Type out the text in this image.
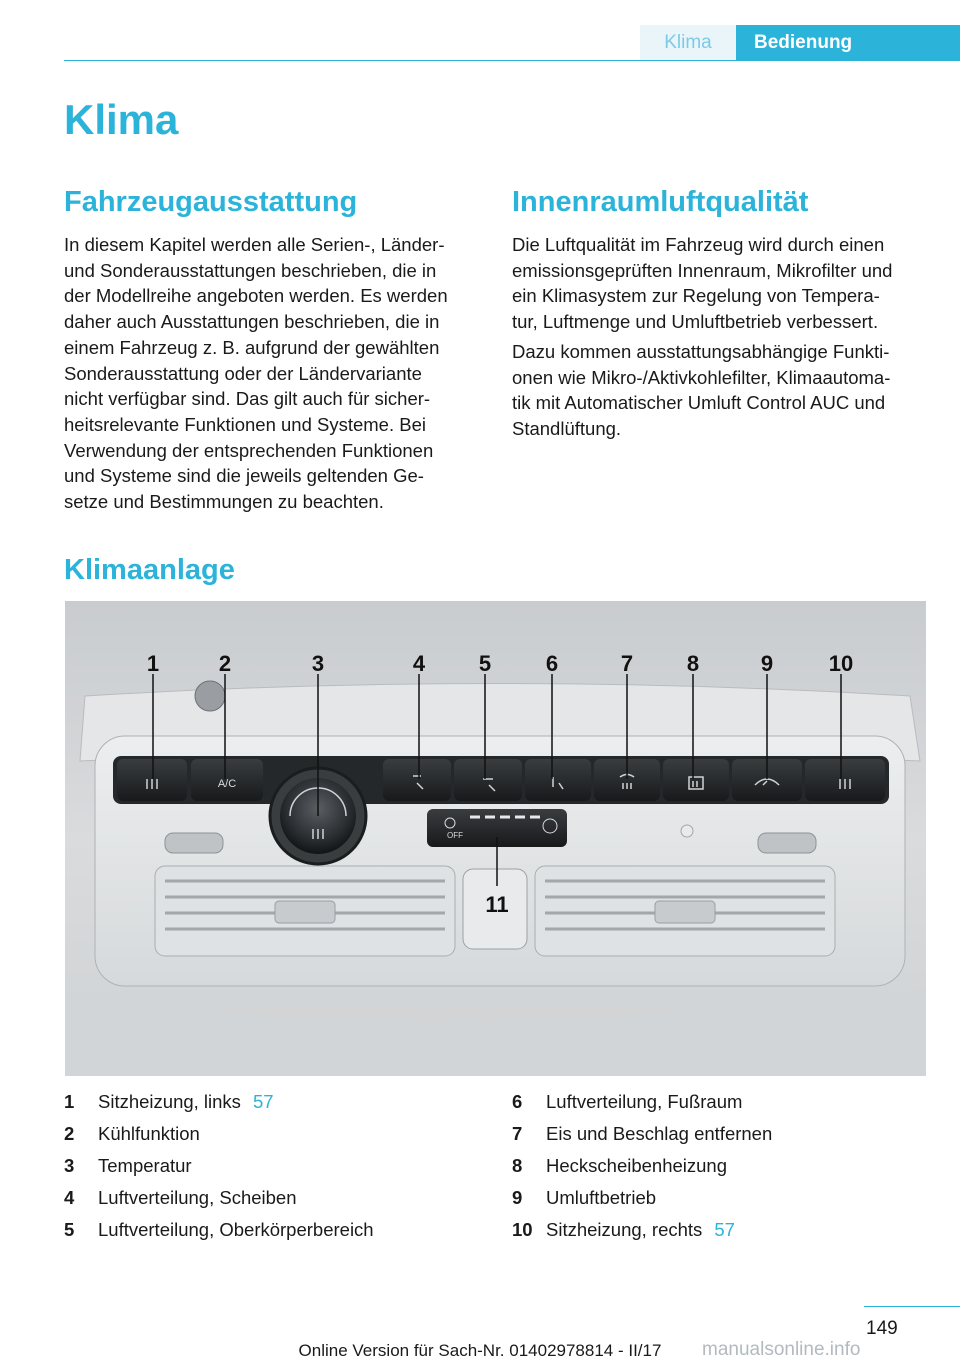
Klima	Bedienung
Klima
Fahrzeugausstattung
In diesem Kapitel werden alle Serien-, Länder-
und Sonderausstattungen beschrieben, die in
der Modellreihe angeboten werden. Es werden
daher auch Ausstattungen beschrieben, die in
einem Fahrzeug z. B. aufgrund der gewählten
Sonderausstattung oder der Ländervariante
nicht verfügbar sind. Das gilt auch für sicher-
heitsrelevante Funktionen und Systeme. Bei
Verwendung der entsprechenden Funktionen
und Systeme sind die jeweils geltenden Ge-
setze und Bestimmungen zu beachten.
Innenraumluftqualität
Die Luftqualität im Fahrzeug wird durch einen
emissionsgeprüften Innenraum, Mikrofilter und
ein Klimasystem zur Regelung von Tempera-
tur, Luftmenge und Umluftbetrieb verbessert.
Dazu kommen ausstattungsabhängige Funkti-
onen wie Mikro-/Aktivkohlefilter, Klimaautoma-
tik mit Automatischer Umluft Control AUC und
Standlüftung.
Klimaanlage
A/C
OFF
1	2	3	4 5 6	7 8	9	10
11
1 Sitzheizung, links 57
2 Kühlfunktion
3 Temperatur
4 Luftverteilung, Scheiben
5 Luftverteilung, Oberkörperbereich
6 Luftverteilung, Fußraum
7 Eis und Beschlag entfernen
8 Heckscheibenheizung
9 Umluftbetrieb
10 Sitzheizung, rechts 57
149
Online Version für Sach-Nr. 01402978814 - II/17	manualsonline.info
